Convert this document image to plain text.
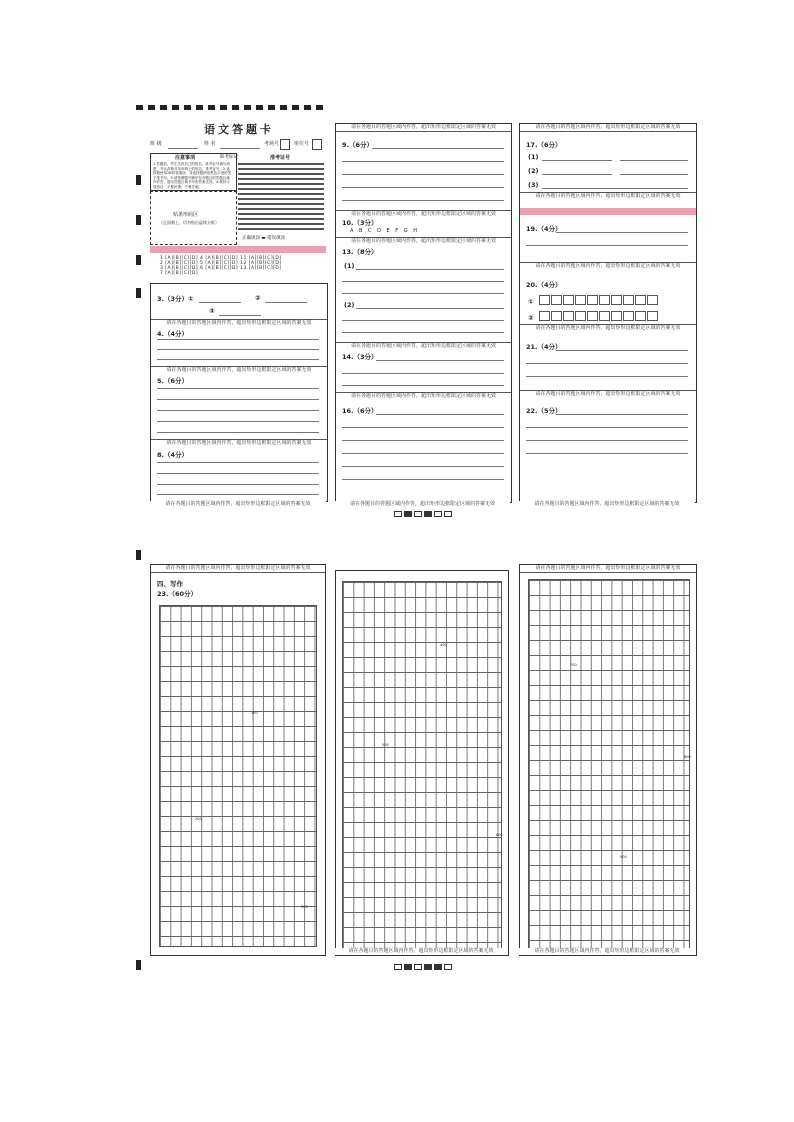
语文答题卡
班 级	姓 名	考场号	座位号
注意事项
1.答题前，考生先将自己的姓名、准考证号填写清楚，并认真核对条形码上的姓名、准考证号。2.选择题使用2B铅笔填涂，非选择题使用黑色字迹的签字笔书写。3.请按照题号顺序在各题目的答题区域内作答，超出答题区域书写的答案无效。4.保持卡面清洁，不要折叠、不要弄破。
缺考标记
贴条形码区
（正面朝上，切勿贴出虚线方框）
准考证号
正确填涂 ▬ 错误填涂
1 [A][B][C][D] 4 [A][B][C][D] 11 [A][B][C][D]
2 [A][B][C][D] 5 [A][B][C][D] 12 [A][B][C][D]
3 [A][B][C][D] 6 [A][B][C][D] 13 [A][B][C][D]
7 [A][B][C][D]
3.（3分）①	②
③
请在各题目的答题区域内作答，超出矩形边框限定区域的答案无效
4.（4分）
请在各题目的答题区域内作答，超出矩形边框限定区域的答案无效
5.（6分）
请在各题目的答题区域内作答，超出矩形边框限定区域的答案无效
8.（4分）
请在各题目的答题区域内作答，超出矩形边框限定区域的答案无效
请在各题目的答题区域内作答，超出矩形边框限定区域的答案无效
9.（6分）
请在各题目的答题区域内作答，超出矩形边框限定区域的答案无效
10.（3分）
A B C D E F G H
请在各题目的答题区域内作答，超出矩形边框限定区域的答案无效
13.（8分）
(1)
(2)
请在各题目的答题区域内作答，超出矩形边框限定区域的答案无效
14.（3分）
请在各题目的答题区域内作答，超出矩形边框限定区域的答案无效
16.（6分）
请在各题目的答题区域内作答，超出矩形边框限定区域的答案无效
请在各题目的答题区域内作答，超出矩形边框限定区域的答案无效
17.（6分）
(1)
(2)
(3)
请在各题目的答题区域内作答，超出矩形边框限定区域的答案无效
19.（4分）
请在各题目的答题区域内作答，超出矩形边框限定区域的答案无效
20.（4分）
①
②
请在各题目的答题区域内作答，超出矩形边框限定区域的答案无效
21.（4分）
请在各题目的答题区域内作答，超出矩形边框限定区域的答案无效
22.（5分）
请在各题目的答题区域内作答，超出矩形边框限定区域的答案无效
请在各题目的答题区域内作答，超出矩形边框限定区域的答案无效
四、写作
23.（60分）
100
200
300
400
500
600
请在各题目的答题区域内作答，超出矩形边框限定区域的答案无效
请在各题目的答题区域内作答，超出矩形边框限定区域的答案无效
700
800
900
请在各题目的答题区域内作答，超出矩形边框限定区域的答案无效
